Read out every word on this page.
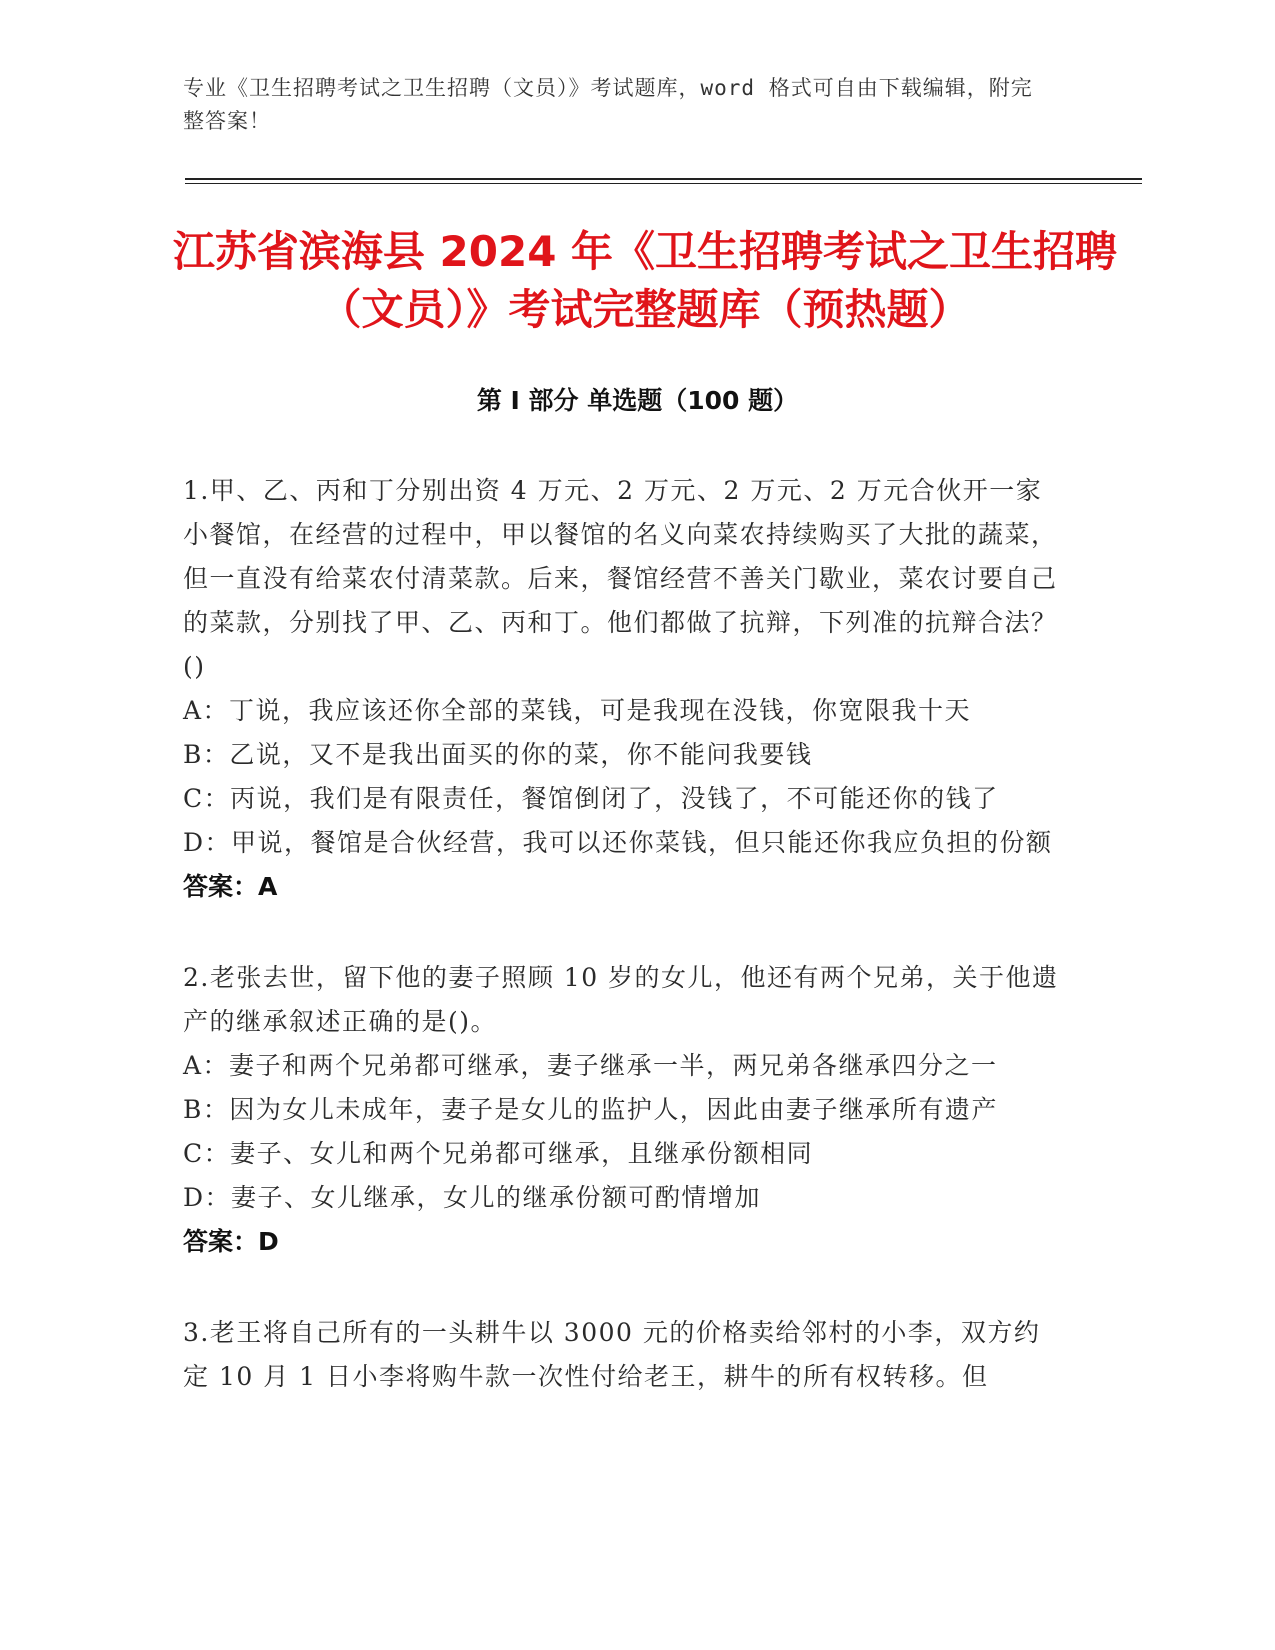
专业《卫生招聘考试之卫生招聘（文员）》考试题库，word 格式可自由下载编辑，附完整答案！
江苏省滨海县 2024 年《卫生招聘考试之卫生招聘（文员）》考试完整题库（预热题）
第 I 部分 单选题（100 题）

1.甲、乙、丙和丁分别出资 4 万元、2 万元、2 万元、2 万元合伙开一家小餐馆，在经营的过程中，甲以餐馆的名义向菜农持续购买了大批的蔬菜，但一直没有给菜农付清菜款。后来，餐馆经营不善关门歇业，菜农讨要自己的菜款，分别找了甲、乙、丙和丁。他们都做了抗辩，下列准的抗辩合法？()

A：丁说，我应该还你全部的菜钱，可是我现在没钱，你宽限我十天

B：乙说，又不是我出面买的你的菜，你不能问我要钱

C：丙说，我们是有限责任，餐馆倒闭了，没钱了，不可能还你的钱了

D：甲说，餐馆是合伙经营，我可以还你菜钱，但只能还你我应负担的份额

答案：A

2.老张去世，留下他的妻子照顾 10 岁的女儿，他还有两个兄弟，关于他遗产的继承叙述正确的是()。

A：妻子和两个兄弟都可继承，妻子继承一半，两兄弟各继承四分之一

B：因为女儿未成年，妻子是女儿的监护人，因此由妻子继承所有遗产

C：妻子、女儿和两个兄弟都可继承，且继承份额相同

D：妻子、女儿继承，女儿的继承份额可酌情增加

答案：D

3.老王将自己所有的一头耕牛以 3000 元的价格卖给邻村的小李，双方约定 10 月 1 日小李将购牛款一次性付给老王，耕牛的所有权转移。但
